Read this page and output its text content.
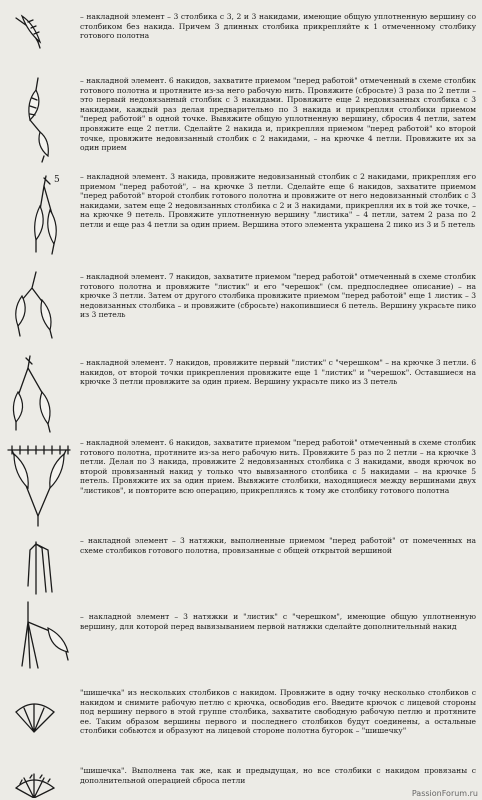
– накладной элемент – 3 столбика с 3, 2 и 3 накидами, имеющие общую уплотненную вершину со столбиком без накида. Причем 3 длинных столбика прикрепляйте к 1 отмеченному столбику готового полотна
– накладной элемент. 6 накидов, захватите приемом "перед работой" отмеченный в схеме столбик готового полотна и протяните из-за него рабочую нить. Провяжите (сбросьте) 3 раза по 2 петли – это первый недовязанный столбик с 3 накидами. Провяжите еще 2 недовязанных столбика с 3 накидами, каждый раз делая предварительно по 3 накида и прикрепляя столбики приемом "перед работой" в одной точке. Вывяжите общую уплотненную вершину, сбросив 4 петли, затем провяжите еще 2 петли. Сделайте 2 накида и, прикрепляя приемом "перед работой" ко второй точке, провяжите недовязанный столбик с 2 накидами, – на крючке 4 петли. Провяжите их за один прием
5	– накладной элемент. 3 накида, провяжите недовязанный столбик с 2 накидами, прикрепляя его приемом "перед работой", – на крючке 3 петли. Сделайте еще 6 накидов, захватите приемом "перед работой" второй столбик готового полотна и провяжите от него недовязанный столбик с 3 накидами, затем еще 2 недовязанных столбика с 2 и 3 накидами, прикрепляя их в той же точке, – на крючке 9 петель. Провяжите уплотненную вершину "листика" – 4 петли, затем 2 раза по 2 петли и еще раз 4 петли за один прием. Вершина этого элемента украшена 2 пико из 3 и 5 петель
– накладной элемент. 7 накидов, захватите приемом "перед работой" отмеченный в схеме столбик готового полотна и провяжите "листик" и его "черешок" (см. предпоследнее описание) – на крючке 3 петли. Затем от другого столбика провяжите приемом "перед работой" еще 1 листик – 3 недовязанных столбика – и провяжите (сбросьте) накопившиеся 6 петель. Вершину украсьте пико из 3 петель
– накладной элемент. 7 накидов, провяжите первый "листик" с "черешком" – на крючке 3 петли. 6 накидов, от второй точки прикрепления провяжите еще 1 "листик" и "черешок". Оставшиеся на крючке 3 петли провяжите за один прием. Вершину украсьте пико из 3 петель
– накладной элемент. 6 накидов, захватите приемом "перед работой" отмеченный в схеме столбик готового полотна, протяните из-за него рабочую нить. Провяжите 5 раз по 2 петли – на крючке 3 петли. Делая по 3 накида, провяжите 2 недовязанных столбика с 3 накидами, вводя крючок во второй провязанный накид у только что вывязанного столбика с 5 накидами – на крючке 5 петель. Провяжите их за один прием. Вывяжите столбики, находящиеся между вершинами двух "листиков", и повторите всю операцию, прикрепляясь к тому же столбику готового полотна
– накладной элемент – 3 натяжки, выполненные приемом "перед работой" от помеченных на схеме столбиков готового полотна, провязанные с общей открытой вершиной
– накладной элемент – 3 натяжки и "листик" с "черешком", имеющие общую уплотненную вершину, для которой перед вывязыванием первой натяжки сделайте дополнительный накид
"шишечка" из нескольких столбиков с накидом. Провяжите в одну точку несколько столбиков с накидом и снимите рабочую петлю с крючка, освободив его. Введите крючок с лицевой стороны под вершину первого в этой группе столбика, захватите свободную рабочую петлю и протяните ее. Таким образом вершины первого и последнего столбиков будут соединены, а остальные столбики собьются и образуют на лицевой стороне полотна бугорок – "шишечку"
"шишечка". Выполнена так же, как и предыдущая, но все столбики с накидом провязаны с дополнительной операцией сброса петли
PassionForum.ru
